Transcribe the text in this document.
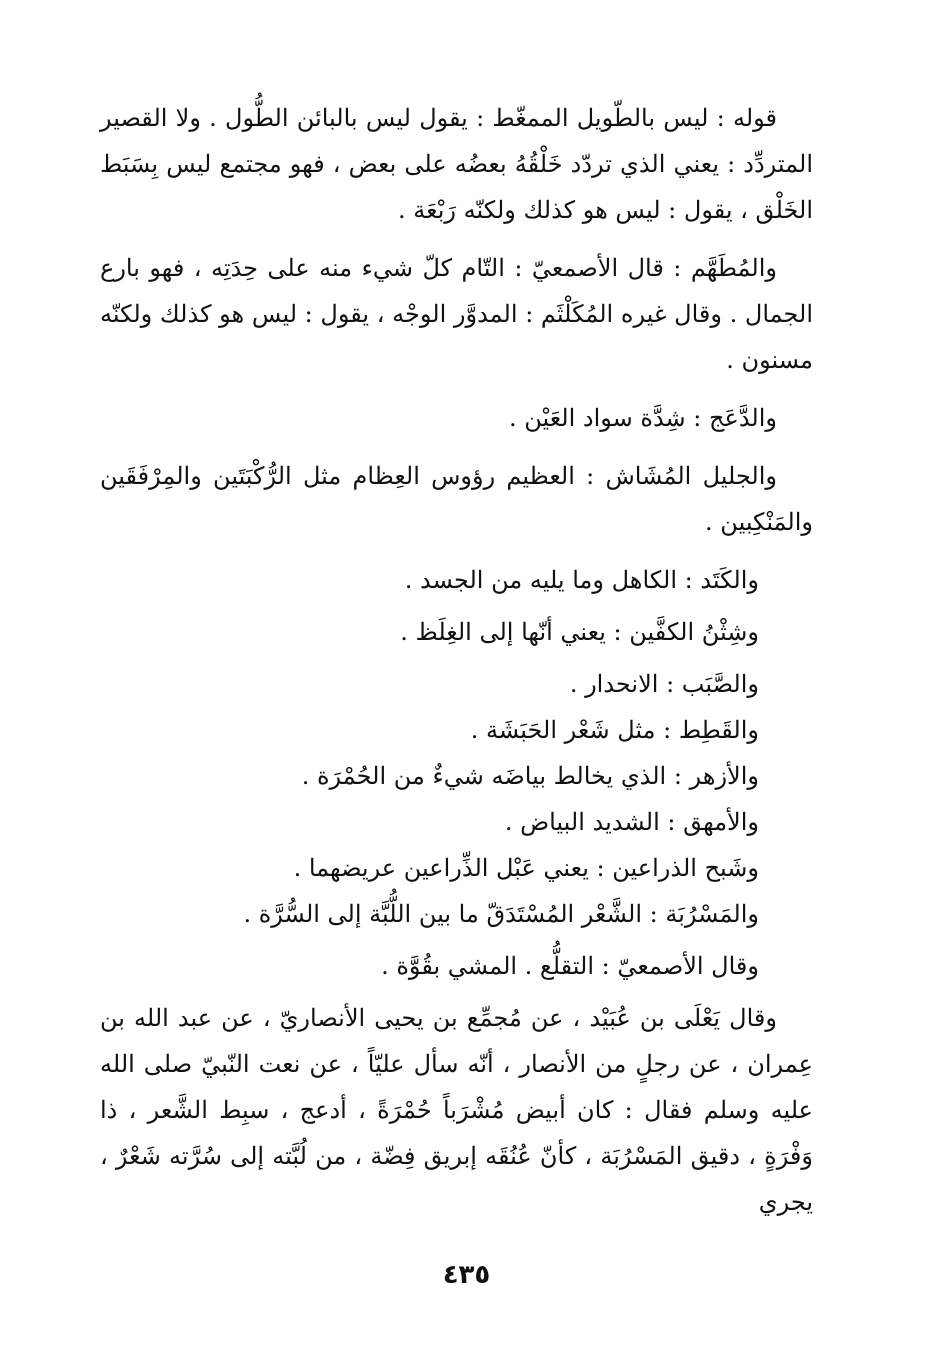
قوله : ليس بالطّويل الممغّط : يقول ليس بالبائن الطُّول . ولا القصير المتردِّد : يعني الذي تردّد خَلْقُهُ بعضُه على بعض ، فهو مجتمع ليس بِسَبَط الخَلْق ، يقول : ليس هو كذلك ولكنّه رَبْعَة .

والمُطَهَّم : قال الأصمعيّ : التّام كلّ شيء منه على حِدَتِه ، فهو بارع الجمال . وقال غيره المُكَلْثَم : المدوَّر الوجْه ، يقول : ليس هو كذلك ولكنّه مسنون .

والدَّعَج : شِدَّة سواد العَيْن .

والجليل المُشَاش : العظيم رؤوس العِظام مثل الرُّكْبَتَين والمِرْفَقَين والمَنْكِبين .

والكَتَد : الكاهل وما يليه من الجسد .

وشِثْنُ الكفَّين : يعني أنّها إلى الغِلَظ .

والصَّبَب : الانحدار .

والقَطِط : مثل شَعْر الحَبَشَة .

والأزهر : الذي يخالط بياضَه شيءٌ من الحُمْرَة .

والأمهق : الشديد البياض .

وشَبح الذراعين : يعني عَبْل الذِّراعين عريضهما .

والمَسْرُبَة : الشَّعْر المُسْتَدَقّ ما بين اللُّبَّة إلى السُّرَّة .

وقال الأصمعيّ : التقلُّع . المشي بقُوَّة .

وقال يَعْلَى بن عُبَيْد ، عن مُجمِّع بن يحيى الأنصاريّ ، عن عبد الله بن عِمران ، عن رجلٍ من الأنصار ، أنّه سأل عليّاً ، عن نعت النّبيّ صلى الله عليه وسلم فقال : كان أبيض مُشْرَباً حُمْرَةً ، أدعج ، سبِط الشَّعر ، ذا وَفْرَةٍ ، دقيق المَسْرُبَة ، كأنّ عُنُقَه إبريق فِضّة ، من لُبَّته إلى سُرَّته شَعْرٌ ، يجري

٤٣٥
